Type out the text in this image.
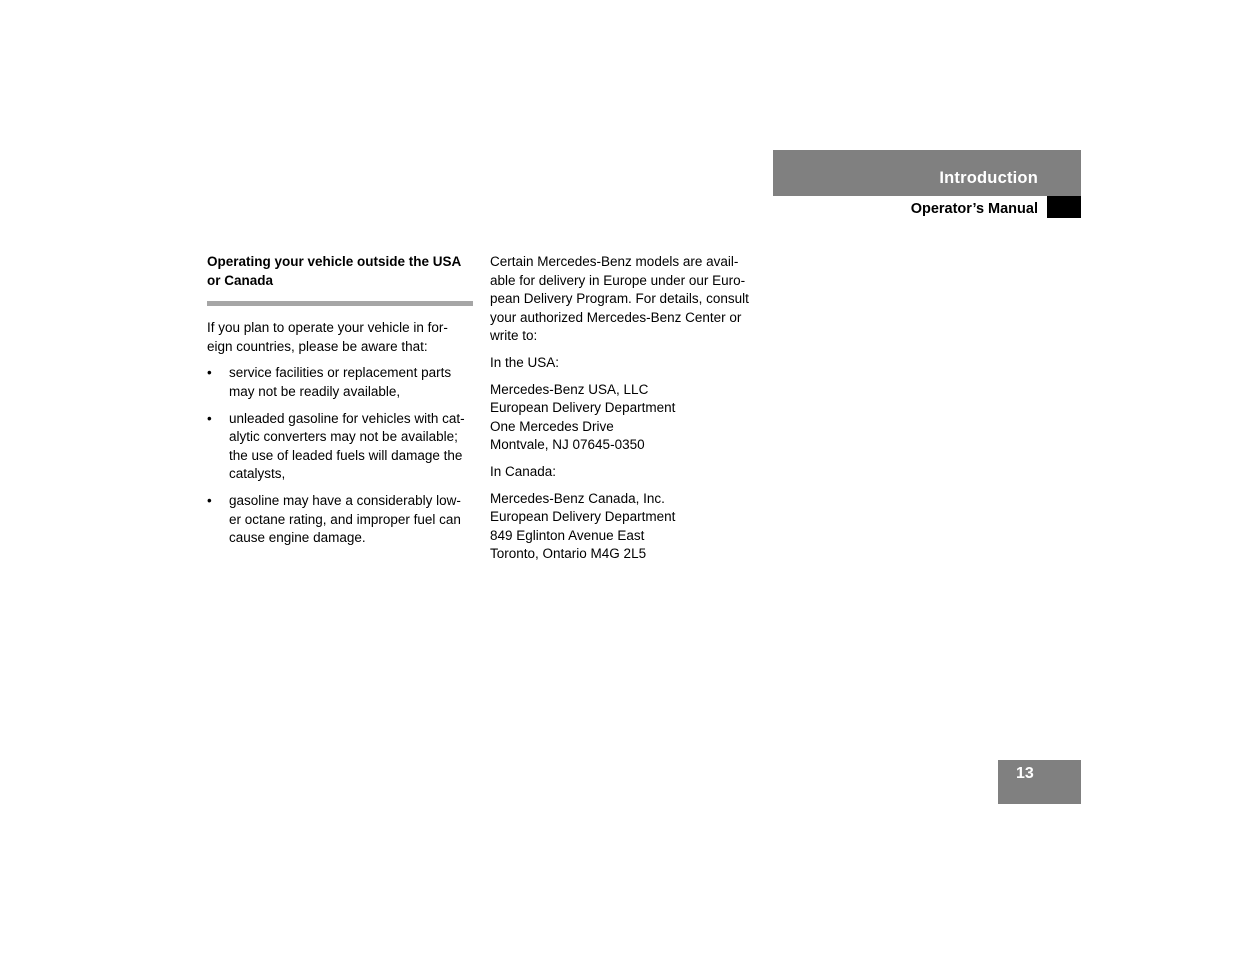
Introduction
Operator’s Manual
Operating your vehicle outside the USA or Canada

If you plan to operate your vehicle in for- eign countries, please be aware that:

• service facilities or replacement parts may not be readily available,
• unleaded gasoline for vehicles with cat- alytic converters may not be available; the use of leaded fuels will damage the catalysts,
• gasoline may have a considerably low- er octane rating, and improper fuel can cause engine damage.

Certain Mercedes-Benz models are avail- able for delivery in Europe under our Euro- pean Delivery Program. For details, consult your authorized Mercedes-Benz Center or write to:

In the USA:

Mercedes-Benz USA, LLC
European Delivery Department
One Mercedes Drive
Montvale, NJ 07645-0350

In Canada:

Mercedes-Benz Canada, Inc.
European Delivery Department
849 Eglinton Avenue East
Toronto, Ontario M4G 2L5
13
